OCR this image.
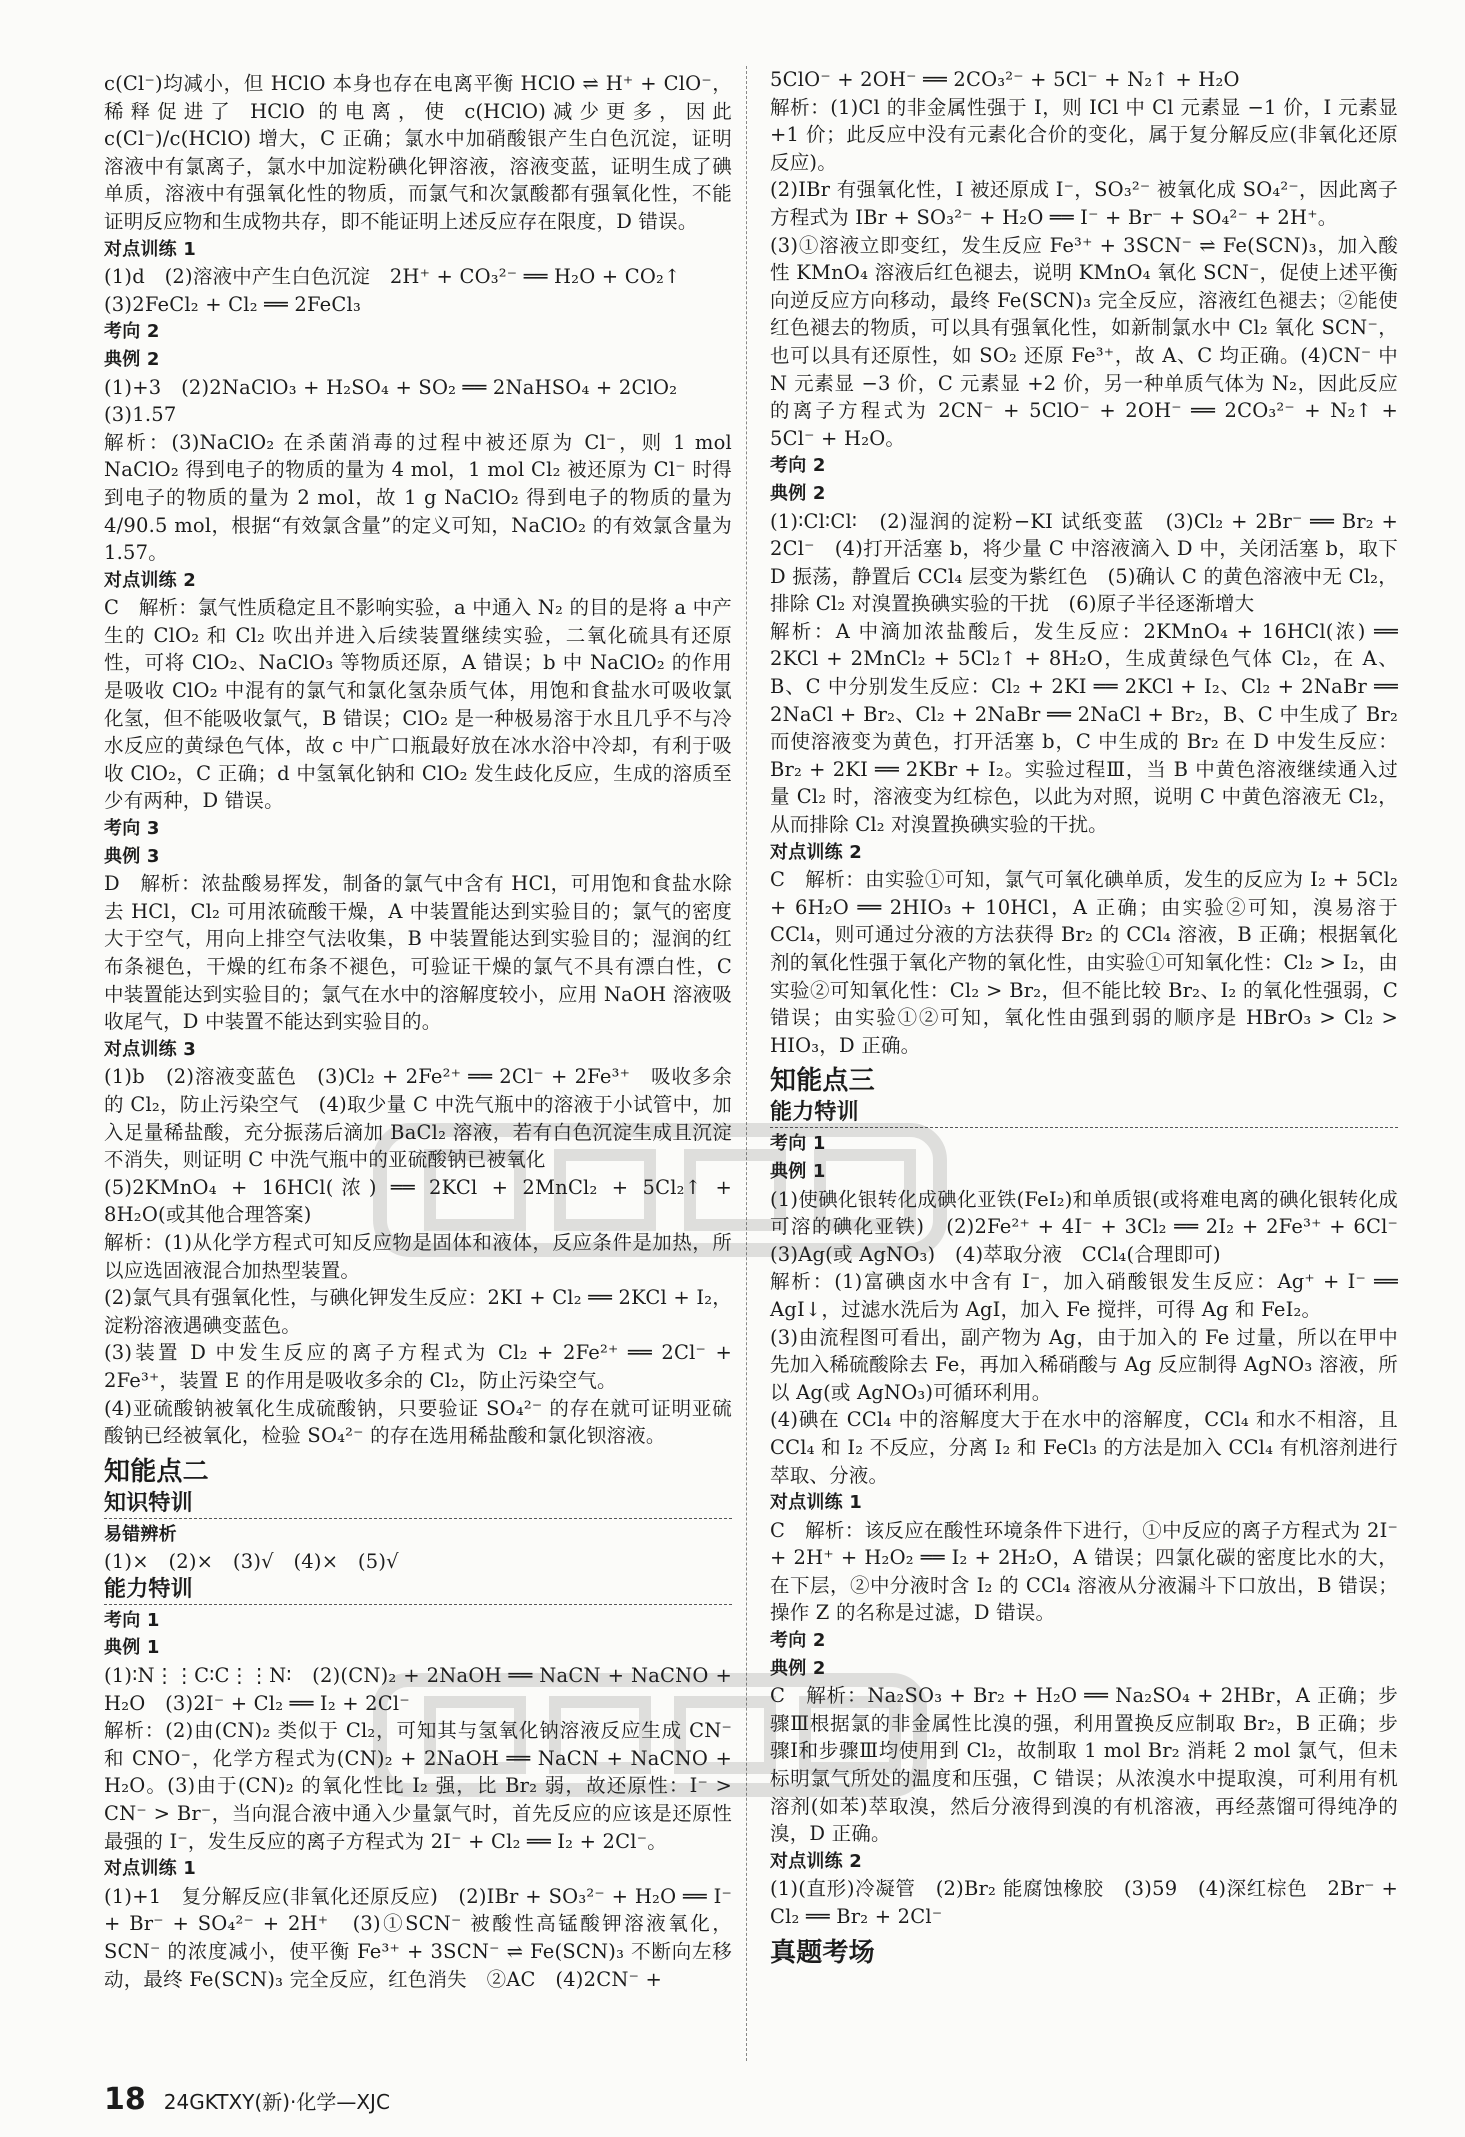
c(Cl⁻)均减小，但 HClO 本身也存在电离平衡 HClO ⇌ H⁺ + ClO⁻，稀释促进了 HClO 的电离，使 c(HClO)减少更多，因此 c(Cl⁻)/c(HClO) 增大，C 正确；氯水中加硝酸银产生白色沉淀，证明溶液中有氯离子，氯水中加淀粉碘化钾溶液，溶液变蓝，证明生成了碘单质，溶液中有强氧化性的物质，而氯气和次氯酸都有强氧化性，不能证明反应物和生成物共存，即不能证明上述反应存在限度，D 错误。
对点训练 1
(1)d　(2)溶液中产生白色沉淀　2H⁺ + CO₃²⁻ ══ H₂O + CO₂↑
(3)2FeCl₂ + Cl₂ ══ 2FeCl₃
考向 2
典例 2
(1)+3　(2)2NaClO₃ + H₂SO₄ + SO₂ ══ 2NaHSO₄ + 2ClO₂
(3)1.57
解析：(3)NaClO₂ 在杀菌消毒的过程中被还原为 Cl⁻，则 1 mol NaClO₂ 得到电子的物质的量为 4 mol，1 mol Cl₂ 被还原为 Cl⁻ 时得到电子的物质的量为 2 mol，故 1 g NaClO₂ 得到电子的物质的量为 4/90.5 mol，根据“有效氯含量”的定义可知，NaClO₂ 的有效氯含量为 1.57。
对点训练 2
C　解析：氯气性质稳定且不影响实验，a 中通入 N₂ 的目的是将 a 中产生的 ClO₂ 和 Cl₂ 吹出并进入后续装置继续实验，二氧化硫具有还原性，可将 ClO₂、NaClO₃ 等物质还原，A 错误；b 中 NaClO₂ 的作用是吸收 ClO₂ 中混有的氯气和氯化氢杂质气体，用饱和食盐水可吸收氯化氢，但不能吸收氯气，B 错误；ClO₂ 是一种极易溶于水且几乎不与冷水反应的黄绿色气体，故 c 中广口瓶最好放在冰水浴中冷却，有利于吸收 ClO₂，C 正确；d 中氢氧化钠和 ClO₂ 发生歧化反应，生成的溶质至少有两种，D 错误。
考向 3
典例 3
D　解析：浓盐酸易挥发，制备的氯气中含有 HCl，可用饱和食盐水除去 HCl，Cl₂ 可用浓硫酸干燥，A 中装置能达到实验目的；氯气的密度大于空气，用向上排空气法收集，B 中装置能达到实验目的；湿润的红布条褪色，干燥的红布条不褪色，可验证干燥的氯气不具有漂白性，C 中装置能达到实验目的；氯气在水中的溶解度较小，应用 NaOH 溶液吸收尾气，D 中装置不能达到实验目的。
对点训练 3
(1)b　(2)溶液变蓝色　(3)Cl₂ + 2Fe²⁺ ══ 2Cl⁻ + 2Fe³⁺　吸收多余的 Cl₂，防止污染空气　(4)取少量 C 中洗气瓶中的溶液于小试管中，加入足量稀盐酸，充分振荡后滴加 BaCl₂ 溶液，若有白色沉淀生成且沉淀不消失，则证明 C 中洗气瓶中的亚硫酸钠已被氧化
(5)2KMnO₄ + 16HCl(浓) ══ 2KCl + 2MnCl₂ + 5Cl₂↑ + 8H₂O(或其他合理答案)
解析：(1)从化学方程式可知反应物是固体和液体，反应条件是加热，所以应选固液混合加热型装置。
(2)氯气具有强氧化性，与碘化钾发生反应：2KI + Cl₂ ══ 2KCl + I₂，淀粉溶液遇碘变蓝色。
(3)装置 D 中发生反应的离子方程式为 Cl₂ + 2Fe²⁺ ══ 2Cl⁻ + 2Fe³⁺，装置 E 的作用是吸收多余的 Cl₂，防止污染空气。
(4)亚硫酸钠被氧化生成硫酸钠，只要验证 SO₄²⁻ 的存在就可证明亚硫酸钠已经被氧化，检验 SO₄²⁻ 的存在选用稀盐酸和氯化钡溶液。
知能点二
知识特训
易错辨析
(1)×　(2)×　(3)√　(4)×　(5)√
能力特训
考向 1
典例 1
(1)∶N⋮⋮C∶C⋮⋮N∶　(2)(CN)₂ + 2NaOH ══ NaCN + NaCNO + H₂O　(3)2I⁻ + Cl₂ ══ I₂ + 2Cl⁻
解析：(2)由(CN)₂ 类似于 Cl₂，可知其与氢氧化钠溶液反应生成 CN⁻ 和 CNO⁻，化学方程式为(CN)₂ + 2NaOH ══ NaCN + NaCNO + H₂O。(3)由于(CN)₂ 的氧化性比 I₂ 强，比 Br₂ 弱，故还原性：I⁻ > CN⁻ > Br⁻，当向混合液中通入少量氯气时，首先反应的应该是还原性最强的 I⁻，发生反应的离子方程式为 2I⁻ + Cl₂ ══ I₂ + 2Cl⁻。
对点训练 1
(1)+1　复分解反应(非氧化还原反应)　(2)IBr + SO₃²⁻ + H₂O ══ I⁻ + Br⁻ + SO₄²⁻ + 2H⁺　(3)①SCN⁻ 被酸性高锰酸钾溶液氧化，SCN⁻ 的浓度减小，使平衡 Fe³⁺ + 3SCN⁻ ⇌ Fe(SCN)₃ 不断向左移动，最终 Fe(SCN)₃ 完全反应，红色消失　②AC　(4)2CN⁻ +
5ClO⁻ + 2OH⁻ ══ 2CO₃²⁻ + 5Cl⁻ + N₂↑ + H₂O
解析：(1)Cl 的非金属性强于 I，则 ICl 中 Cl 元素显 −1 价，I 元素显 +1 价；此反应中没有元素化合价的变化，属于复分解反应(非氧化还原反应)。
(2)IBr 有强氧化性，I 被还原成 I⁻，SO₃²⁻ 被氧化成 SO₄²⁻，因此离子方程式为 IBr + SO₃²⁻ + H₂O ══ I⁻ + Br⁻ + SO₄²⁻ + 2H⁺。
(3)①溶液立即变红，发生反应 Fe³⁺ + 3SCN⁻ ⇌ Fe(SCN)₃，加入酸性 KMnO₄ 溶液后红色褪去，说明 KMnO₄ 氧化 SCN⁻，促使上述平衡向逆反应方向移动，最终 Fe(SCN)₃ 完全反应，溶液红色褪去；②能使红色褪去的物质，可以具有强氧化性，如新制氯水中 Cl₂ 氧化 SCN⁻，也可以具有还原性，如 SO₂ 还原 Fe³⁺，故 A、C 均正确。(4)CN⁻ 中 N 元素显 −3 价，C 元素显 +2 价，另一种单质气体为 N₂，因此反应的离子方程式为 2CN⁻ + 5ClO⁻ + 2OH⁻ ══ 2CO₃²⁻ + N₂↑ + 5Cl⁻ + H₂O。
考向 2
典例 2
(1)∶Cl∶Cl∶　(2)湿润的淀粉−KI 试纸变蓝　(3)Cl₂ + 2Br⁻ ══ Br₂ + 2Cl⁻　(4)打开活塞 b，将少量 C 中溶液滴入 D 中，关闭活塞 b，取下 D 振荡，静置后 CCl₄ 层变为紫红色　(5)确认 C 的黄色溶液中无 Cl₂，排除 Cl₂ 对溴置换碘实验的干扰　(6)原子半径逐渐增大
解析：A 中滴加浓盐酸后，发生反应：2KMnO₄ + 16HCl(浓) ══ 2KCl + 2MnCl₂ + 5Cl₂↑ + 8H₂O，生成黄绿色气体 Cl₂，在 A、B、C 中分别发生反应：Cl₂ + 2KI ══ 2KCl + I₂、Cl₂ + 2NaBr ══ 2NaCl + Br₂、Cl₂ + 2NaBr ══ 2NaCl + Br₂，B、C 中生成了 Br₂ 而使溶液变为黄色，打开活塞 b，C 中生成的 Br₂ 在 D 中发生反应：Br₂ + 2KI ══ 2KBr + I₂。实验过程Ⅲ，当 B 中黄色溶液继续通入过量 Cl₂ 时，溶液变为红棕色，以此为对照，说明 C 中黄色溶液无 Cl₂，从而排除 Cl₂ 对溴置换碘实验的干扰。
对点训练 2
C　解析：由实验①可知，氯气可氧化碘单质，发生的反应为 I₂ + 5Cl₂ + 6H₂O ══ 2HIO₃ + 10HCl，A 正确；由实验②可知，溴易溶于 CCl₄，则可通过分液的方法获得 Br₂ 的 CCl₄ 溶液，B 正确；根据氧化剂的氧化性强于氧化产物的氧化性，由实验①可知氧化性：Cl₂ > I₂，由实验②可知氧化性：Cl₂ > Br₂，但不能比较 Br₂、I₂ 的氧化性强弱，C 错误；由实验①②可知，氧化性由强到弱的顺序是 HBrO₃ > Cl₂ > HIO₃，D 正确。
知能点三
能力特训
考向 1
典例 1
(1)使碘化银转化成碘化亚铁(FeI₂)和单质银(或将难电离的碘化银转化成可溶的碘化亚铁)　(2)2Fe²⁺ + 4I⁻ + 3Cl₂ ══ 2I₂ + 2Fe³⁺ + 6Cl⁻　(3)Ag(或 AgNO₃)　(4)萃取分液　CCl₄(合理即可)
解析：(1)富碘卤水中含有 I⁻，加入硝酸银发生反应：Ag⁺ + I⁻ ══ AgI↓，过滤水洗后为 AgI，加入 Fe 搅拌，可得 Ag 和 FeI₂。
(3)由流程图可看出，副产物为 Ag，由于加入的 Fe 过量，所以在甲中先加入稀硫酸除去 Fe，再加入稀硝酸与 Ag 反应制得 AgNO₃ 溶液，所以 Ag(或 AgNO₃)可循环利用。
(4)碘在 CCl₄ 中的溶解度大于在水中的溶解度，CCl₄ 和水不相溶，且 CCl₄ 和 I₂ 不反应，分离 I₂ 和 FeCl₃ 的方法是加入 CCl₄ 有机溶剂进行萃取、分液。
对点训练 1
C　解析：该反应在酸性环境条件下进行，①中反应的离子方程式为 2I⁻ + 2H⁺ + H₂O₂ ══ I₂ + 2H₂O，A 错误；四氯化碳的密度比水的大，在下层，②中分液时含 I₂ 的 CCl₄ 溶液从分液漏斗下口放出，B 错误；操作 Z 的名称是过滤，D 错误。
考向 2
典例 2
C　解析：Na₂SO₃ + Br₂ + H₂O ══ Na₂SO₄ + 2HBr，A 正确；步骤Ⅲ根据氯的非金属性比溴的强，利用置换反应制取 Br₂，B 正确；步骤Ⅰ和步骤Ⅲ均使用到 Cl₂，故制取 1 mol Br₂ 消耗 2 mol 氯气，但未标明氯气所处的温度和压强，C 错误；从浓溴水中提取溴，可利用有机溶剂(如苯)萃取溴，然后分液得到溴的有机溶液，再经蒸馏可得纯净的溴，D 正确。
对点训练 2
(1)(直形)冷凝管　(2)Br₂ 能腐蚀橡胶　(3)59　(4)深红棕色　2Br⁻ + Cl₂ ══ Br₂ + 2Cl⁻
真题考场
18 24GKTXY(新)·化学—XJC
